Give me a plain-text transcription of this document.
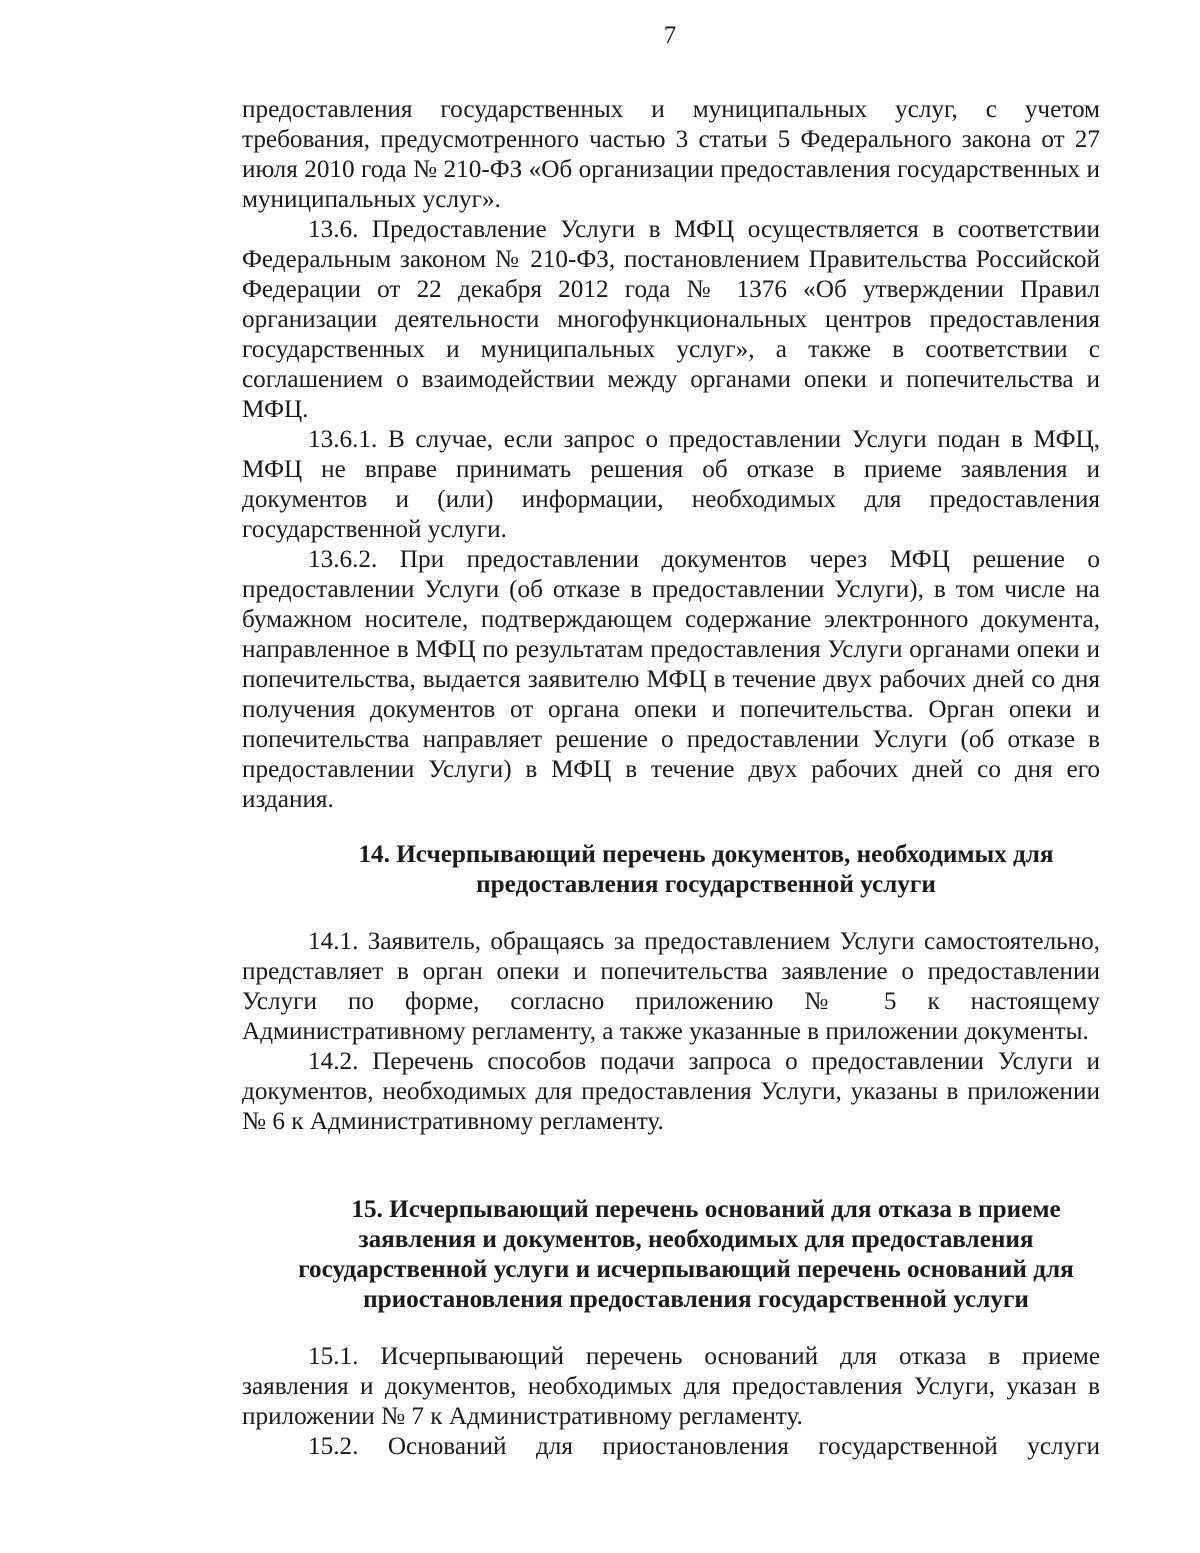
7

предоставления государственных и муниципальных услуг, с учетом требования, предусмотренного частью 3 статьи 5 Федерального закона от 27 июля 2010 года № 210-ФЗ «Об организации предоставления государственных и муниципальных услуг».

13.6. Предоставление Услуги в МФЦ осуществляется в соответствии Федеральным законом № 210-ФЗ, постановлением Правительства Российской Федерации от 22 декабря 2012 года № 1376 «Об утверждении Правил организации деятельности многофункциональных центров предоставления государственных и муниципальных услуг», а также в соответствии с соглашением о взаимодействии между органами опеки и попечительства и МФЦ.

13.6.1. В случае, если запрос о предоставлении Услуги подан в МФЦ, МФЦ не вправе принимать решения об отказе в приеме заявления и документов и (или) информации, необходимых для предоставления государственной услуги.

13.6.2. При предоставлении документов через МФЦ решение о предоставлении Услуги (об отказе в предоставлении Услуги), в том числе на бумажном носителе, подтверждающем содержание электронного документа, направленное в МФЦ по результатам предоставления Услуги органами опеки и попечительства, выдается заявителю МФЦ в течение двух рабочих дней со дня получения документов от органа опеки и попечительства. Орган опеки и попечительства направляет решение о предоставлении Услуги (об отказе в предоставлении Услуги) в МФЦ в течение двух рабочих дней со дня его издания.

14. Исчерпывающий перечень документов, необходимых для
предоставления государственной услуги

14.1. Заявитель, обращаясь за предоставлением Услуги самостоятельно, представляет в орган опеки и попечительства заявление о предоставлении Услуги по форме, согласно приложению № 5 к настоящему Административному регламенту, а также указанные в приложении документы.

14.2. Перечень способов подачи запроса о предоставлении Услуги и документов, необходимых для предоставления Услуги, указаны в приложении № 6 к Административному регламенту.

15. Исчерпывающий перечень оснований для отказа в приеме
заявления и документов, необходимых для предоставления
государственной услуги и исчерпывающий перечень оснований для
приостановления предоставления государственной услуги

15.1. Исчерпывающий перечень оснований для отказа в приеме заявления и документов, необходимых для предоставления Услуги, указан в приложении № 7 к Административному регламенту.

15.2. Оснований для приостановления государственной услуги
